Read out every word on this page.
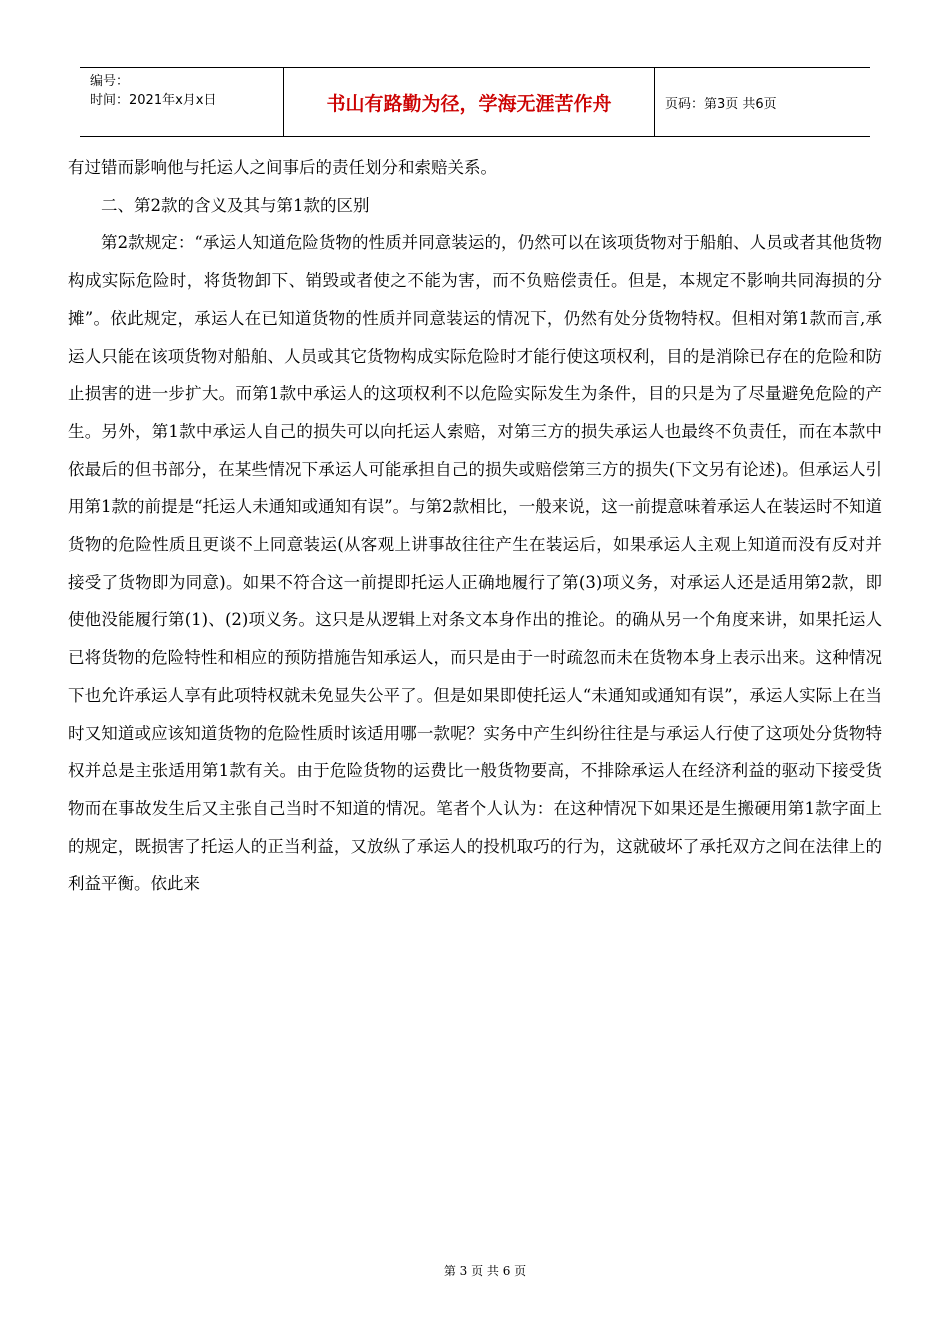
编号：
时间：2021年x月x日	书山有路勤为径，学海无涯苦作舟	页码：第3页 共6页

有过错而影响他与托运人之间事后的责任划分和索赔关系。

二、第2款的含义及其与第1款的区别

第2款规定：“承运人知道危险货物的性质并同意装运的，仍然可以在该项货物对于船舶、人员或者其他货物构成实际危险时，将货物卸下、销毁或者使之不能为害，而不负赔偿责任。但是，本规定不影响共同海损的分摊”。依此规定，承运人在已知道货物的性质并同意装运的情况下，仍然有处分货物特权。但相对第1款而言,承运人只能在该项货物对船舶、人员或其它货物构成实际危险时才能行使这项权利，目的是消除已存在的危险和防止损害的进一步扩大。而第1款中承运人的这项权利不以危险实际发生为条件，目的只是为了尽量避免危险的产生。另外，第1款中承运人自己的损失可以向托运人索赔，对第三方的损失承运人也最终不负责任，而在本款中依最后的但书部分，在某些情况下承运人可能承担自己的损失或赔偿第三方的损失(下文另有论述)。但承运人引用第1款的前提是“托运人未通知或通知有误”。与第2款相比，一般来说，这一前提意味着承运人在装运时不知道货物的危险性质且更谈不上同意装运(从客观上讲事故往往产生在装运后，如果承运人主观上知道而没有反对并接受了货物即为同意)。如果不符合这一前提即托运人正确地履行了第(3)项义务，对承运人还是适用第2款，即使他没能履行第(1)、(2)项义务。这只是从逻辑上对条文本身作出的推论。的确从另一个角度来讲，如果托运人已将货物的危险特性和相应的预防措施告知承运人，而只是由于一时疏忽而未在货物本身上表示出来。这种情况下也允许承运人享有此项特权就未免显失公平了。但是如果即使托运人“未通知或通知有误”，承运人实际上在当时又知道或应该知道货物的危险性质时该适用哪一款呢？实务中产生纠纷往往是与承运人行使了这项处分货物特权并总是主张适用第1款有关。由于危险货物的运费比一般货物要高，不排除承运人在经济利益的驱动下接受货物而在事故发生后又主张自己当时不知道的情况。笔者个人认为：在这种情况下如果还是生搬硬用第1款字面上的规定，既损害了托运人的正当利益，又放纵了承运人的投机取巧的行为，这就破坏了承托双方之间在法律上的利益平衡。依此来

第 3 页 共 6 页
